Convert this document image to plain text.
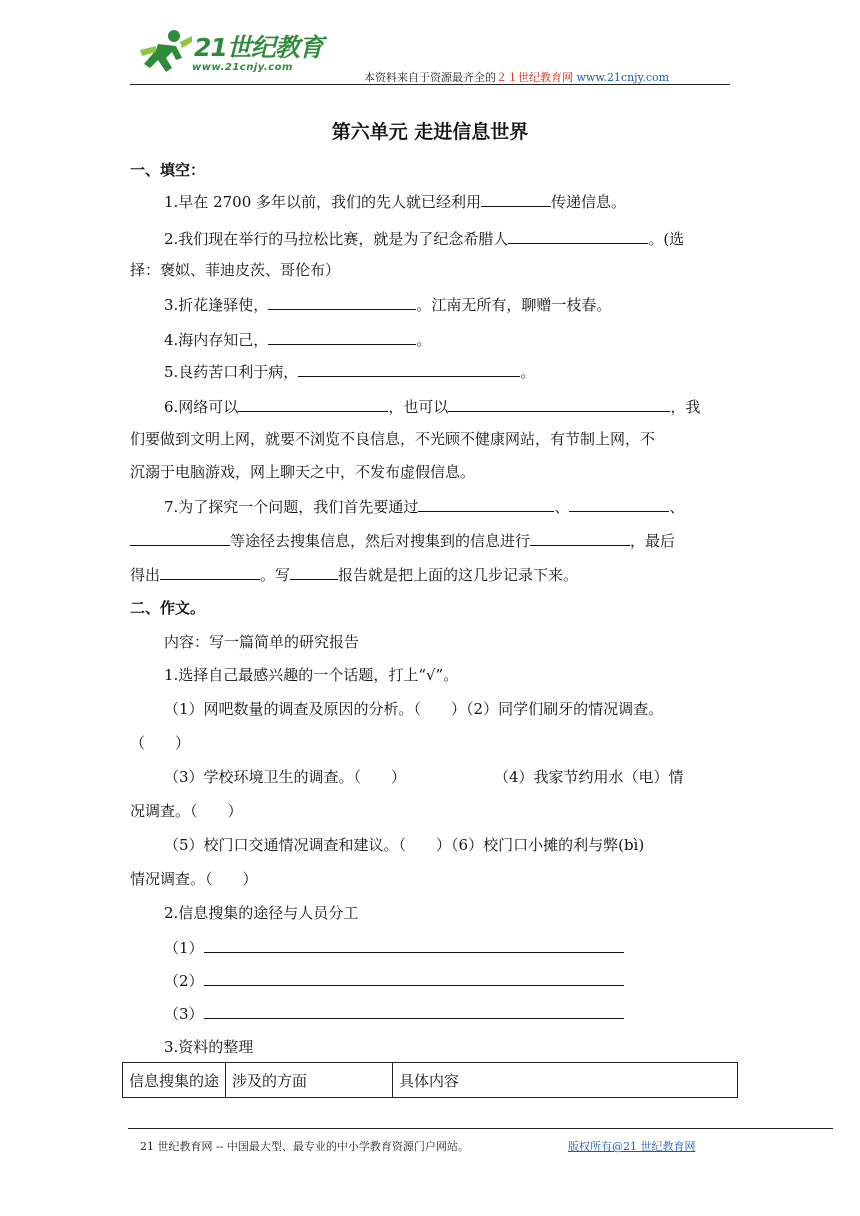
21世纪教育
www.21cnjy.com
本资料来自于资源最齐全的２１世纪教育网 www.21cnjy.com
第六单元 走进信息世界
一、填空：
1.早在 2700 多年以前，我们的先人就已经利用	传递信息。
2.我们现在举行的马拉松比赛，就是为了纪念希腊人	。(选
择：褒姒、菲迪皮茨、哥伦布）
3.折花逢驿使，	。江南无所有，聊赠一枝春。
4.海内存知己，	。
5.良药苦口利于病，	。
6.网络可以	，也可以	，我
们要做到文明上网，就要不浏览不良信息，不光顾不健康网站，有节制上网，不
沉溺于电脑游戏，网上聊天之中，不发布虚假信息。
7.为了探究一个问题，我们首先要通过	、	、
等途径去搜集信息，然后对搜集到的信息进行	，最后
得出	。写	报告就是把上面的这几步记录下来。
二、作文。
内容：写一篇简单的研究报告
1.选择自己最感兴趣的一个话题，打上“√”。
（1）网吧数量的调查及原因的分析。（　　）（2）同学们刷牙的情况调查。
（　　）
（3）学校环境卫生的调查。（　　）	（4）我家节约用水（电）情
况调查。（　　）
（5）校门口交通情况调查和建议。（　　）（6）校门口小摊的利与弊(bì)
情况调查。（　　）
2.信息搜集的途径与人员分工
（1）
（2）
（3）
3.资料的整理
信息搜集的途	涉及的方面	具体内容
21 世纪教育网 -- 中国最大型、最专业的中小学教育资源门户网站。	版权所有@21 世纪教育网
